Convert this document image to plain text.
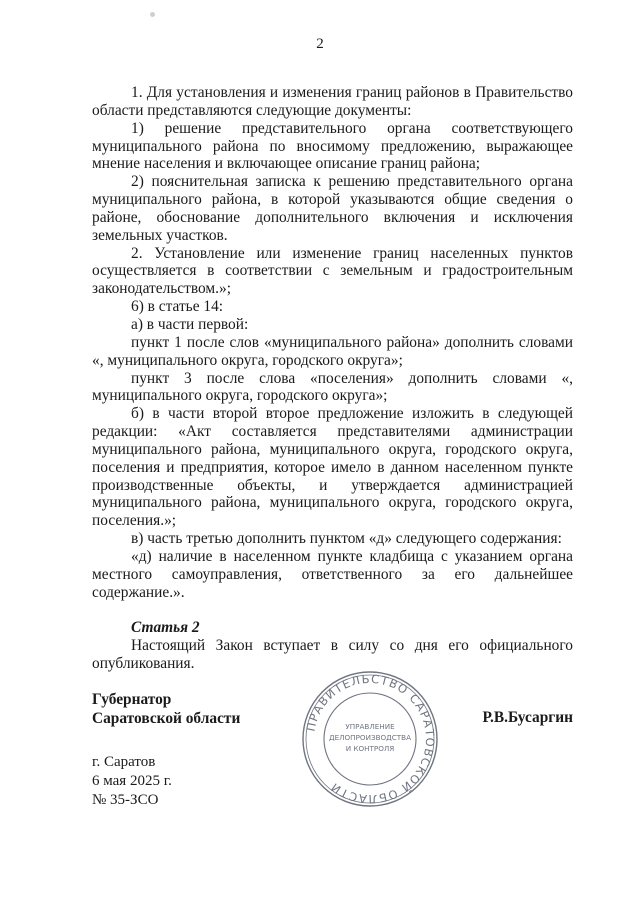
2

1. Для установления и изменения границ районов в Правительство области представляются следующие документы:

1) решение представительного органа соответствующего муниципального района по вносимому предложению, выражающее мнение населения и включающее описание границ района;

2) пояснительная записка к решению представительного органа муниципального района, в которой указываются общие сведения о районе, обоснование дополнительного включения и исключения земельных участков.

2. Установление или изменение границ населенных пунктов осуществляется в соответствии с земельным и градостроительным законодательством.»;

6) в статье 14:

а) в части первой:

пункт 1 после слов «муниципального района» дополнить словами «, муниципального округа, городского округа»;

пункт 3 после слова «поселения» дополнить словами «, муниципального округа, городского округа»;

б) в части второй второе предложение изложить в следующей редакции: «Акт составляется представителями администрации муниципального района, муниципального округа, городского округа, поселения и предприятия, которое имело в данном населенном пункте производственные объекты, и утверждается администрацией муниципального района, муниципального округа, городского округа, поселения.»;

в) часть третью дополнить пунктом «д» следующего содержания:

«д) наличие в населенном пункте кладбища с указанием органа местного самоуправления, ответственного за его дальнейшее содержание.».

Статья 2

Настоящий Закон вступает в силу со дня его официального опубликования.

Губернатор
Саратовской области	ПРАВИТЕЛЬСТВО САРАТОВСКОЙ ОБЛАСТИ
УПРАВЛЕНИЕ
ДЕЛОПРОИЗВОДСТВА
И КОНТРОЛЯ
Р.В.Бусаргин
г. Саратов
6 мая 2025 г.
№ 35-ЗСО
